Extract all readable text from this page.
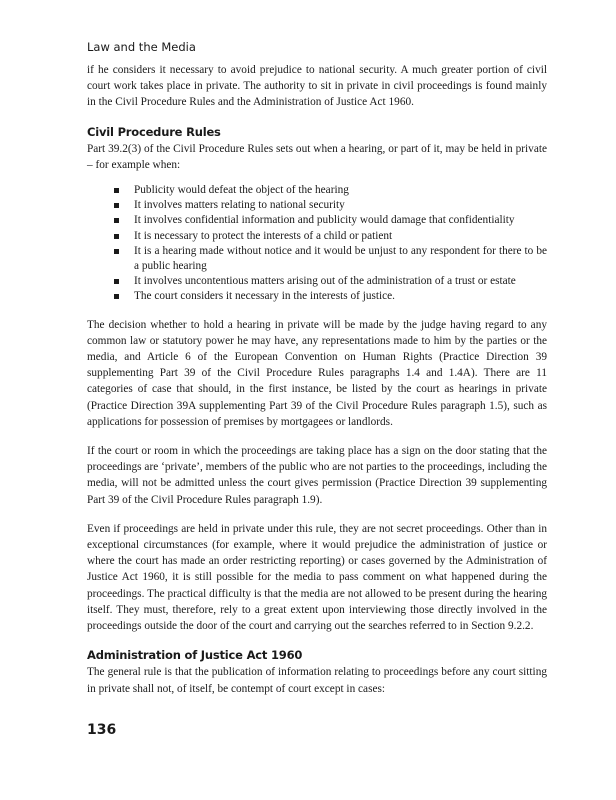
Law and the Media

if he considers it necessary to avoid prejudice to national security. A much greater portion of civil court work takes place in private. The authority to sit in private in civil proceedings is found mainly in the Civil Procedure Rules and the Administration of Justice Act 1960.

Civil Procedure Rules

Part 39.2(3) of the Civil Procedure Rules sets out when a hearing, or part of it, may be held in private – for example when:

Publicity would defeat the object of the hearing
It involves matters relating to national security
It involves confidential information and publicity would damage that confidentiality
It is necessary to protect the interests of a child or patient
It is a hearing made without notice and it would be unjust to any respondent for there to be a public hearing
It involves uncontentious matters arising out of the administration of a trust or estate
The court considers it necessary in the interests of justice.

The decision whether to hold a hearing in private will be made by the judge having regard to any common law or statutory power he may have, any representations made to him by the parties or the media, and Article 6 of the European Convention on Human Rights (Practice Direction 39 supplementing Part 39 of the Civil Procedure Rules paragraphs 1.4 and 1.4A). There are 11 categories of case that should, in the first instance, be listed by the court as hearings in private (Practice Direction 39A supplementing Part 39 of the Civil Procedure Rules paragraph 1.5), such as applications for possession of premises by mortgagees or landlords.

If the court or room in which the proceedings are taking place has a sign on the door stating that the proceedings are ‘private’, members of the public who are not parties to the proceedings, including the media, will not be admitted unless the court gives permission (Practice Direction 39 supplementing Part 39 of the Civil Procedure Rules paragraph 1.9).

Even if proceedings are held in private under this rule, they are not secret proceedings. Other than in exceptional circumstances (for example, where it would prejudice the administration of justice or where the court has made an order restricting reporting) or cases governed by the Administration of Justice Act 1960, it is still possible for the media to pass comment on what happened during the proceedings. The practical difficulty is that the media are not allowed to be present during the hearing itself. They must, therefore, rely to a great extent upon interviewing those directly involved in the proceedings outside the door of the court and carrying out the searches referred to in Section 9.2.2.

Administration of Justice Act 1960

The general rule is that the publication of information relating to proceedings before any court sitting in private shall not, of itself, be contempt of court except in cases:

136
